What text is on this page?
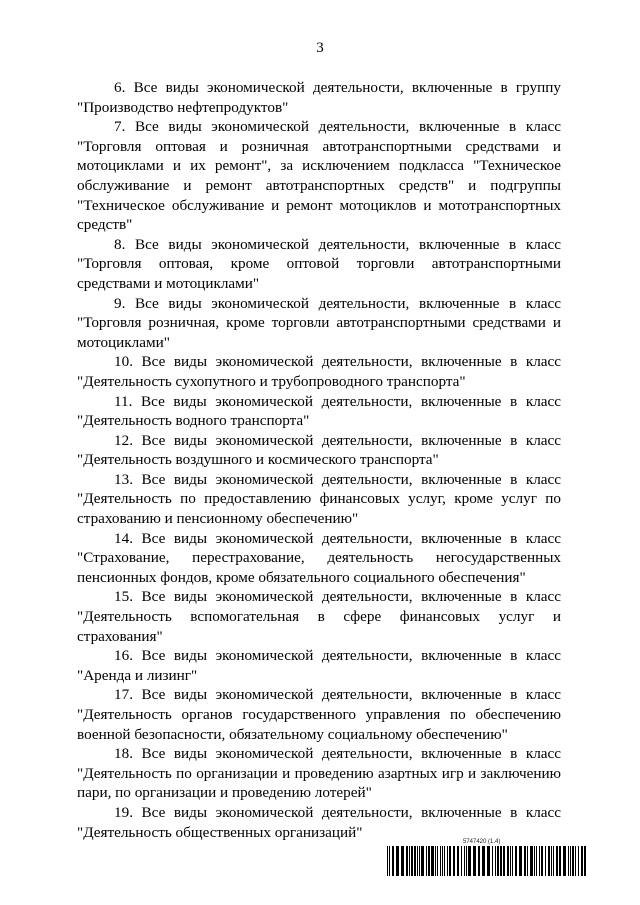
3

6. Все виды экономической деятельности, включенные в группу "Производство нефтепродуктов"

7. Все виды экономической деятельности, включенные в класс "Торговля оптовая и розничная автотранспортными средствами и мотоциклами и их ремонт", за исключением подкласса "Техническое обслуживание и ремонт автотранспортных средств" и подгруппы "Техническое обслуживание и ремонт мотоциклов и мототранспортных средств"

8. Все виды экономической деятельности, включенные в класс "Торговля оптовая, кроме оптовой торговли автотранспортными средствами и мотоциклами"

9. Все виды экономической деятельности, включенные в класс "Торговля розничная, кроме торговли автотранспортными средствами и мотоциклами"

10. Все виды экономической деятельности, включенные в класс "Деятельность сухопутного и трубопроводного транспорта"

11. Все виды экономической деятельности, включенные в класс "Деятельность водного транспорта"

12. Все виды экономической деятельности, включенные в класс "Деятельность воздушного и космического транспорта"

13. Все виды экономической деятельности, включенные в класс "Деятельность по предоставлению финансовых услуг, кроме услуг по страхованию и пенсионному обеспечению"

14. Все виды экономической деятельности, включенные в класс "Страхование, перестрахование, деятельность негосударственных пенсионных фондов, кроме обязательного социального обеспечения"

15. Все виды экономической деятельности, включенные в класс "Деятельность вспомогательная в сфере финансовых услуг и страхования"

16. Все виды экономической деятельности, включенные в класс "Аренда и лизинг"

17. Все виды экономической деятельности, включенные в класс "Деятельность органов государственного управления по обеспечению военной безопасности, обязательному социальному обеспечению"

18. Все виды экономической деятельности, включенные в класс "Деятельность по организации и проведению азартных игр и заключению пари, по организации и проведению лотерей"

19. Все виды экономической деятельности, включенные в класс "Деятельность общественных организаций"

5747420 (1.4)
